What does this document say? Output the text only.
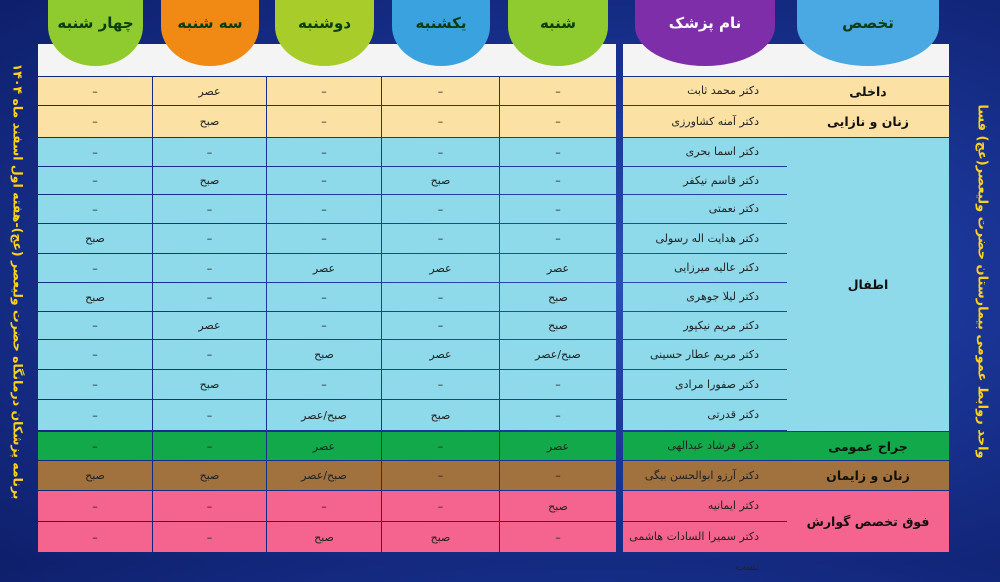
برنامه پزشکان درمانگاه حضرت ولیعصر (عج)-هفته اول اسفند ماه ۱۴۰۴	واحد روابط عمومی بیمارستان حضرت ولیعصر(عج) فسا
تخصص
نام پزشک
شنبه
یکشنبه
دوشنبه
سه شنبه
چهار شنبه
داخلی
زنان و نازایی
اطفال
جراح عمومی
زنان و زایمان
فوق تخصص گوارش
دکتر محمد ثابت
–
–
–
عصر
–
دکتر آمنه کشاورزی
–
–
–
صبح
–
دکتر اسما بحری
–
–
–
–
–
دکتر قاسم نیکفر
–
صبح
–
صبح
–
دکتر نعمتی
–
–
–
–
–
دکتر هدایت اله رسولی
–
–
–
–
صبح
دکتر عالیه میرزایی
عصر
عصر
عصر
–
–
دکتر لیلا جوهری
صبح
–
–
–
صبح
دکتر مریم نیکپور
صبح
–
–
عصر
–
دکتر مریم عطار حسینی
صبح/عصر
عصر
صبح
–
–
دکتر صفورا مرادی
–
–
–
صبح
–
دکتر قدرتی
–
صبح
صبح/عصر
–
–
دکتر فرشاد عبدالهی
عصر
–
عصر
–
–
دکتر آرزو ابوالحسن بیگی
–
–
صبح/عصر
صبح
صبح
دکتر ایمانیه
صبح
–
–
–
–
دکتر سمیرا السادات هاشمی نسب
–
صبح
صبح
–
–
